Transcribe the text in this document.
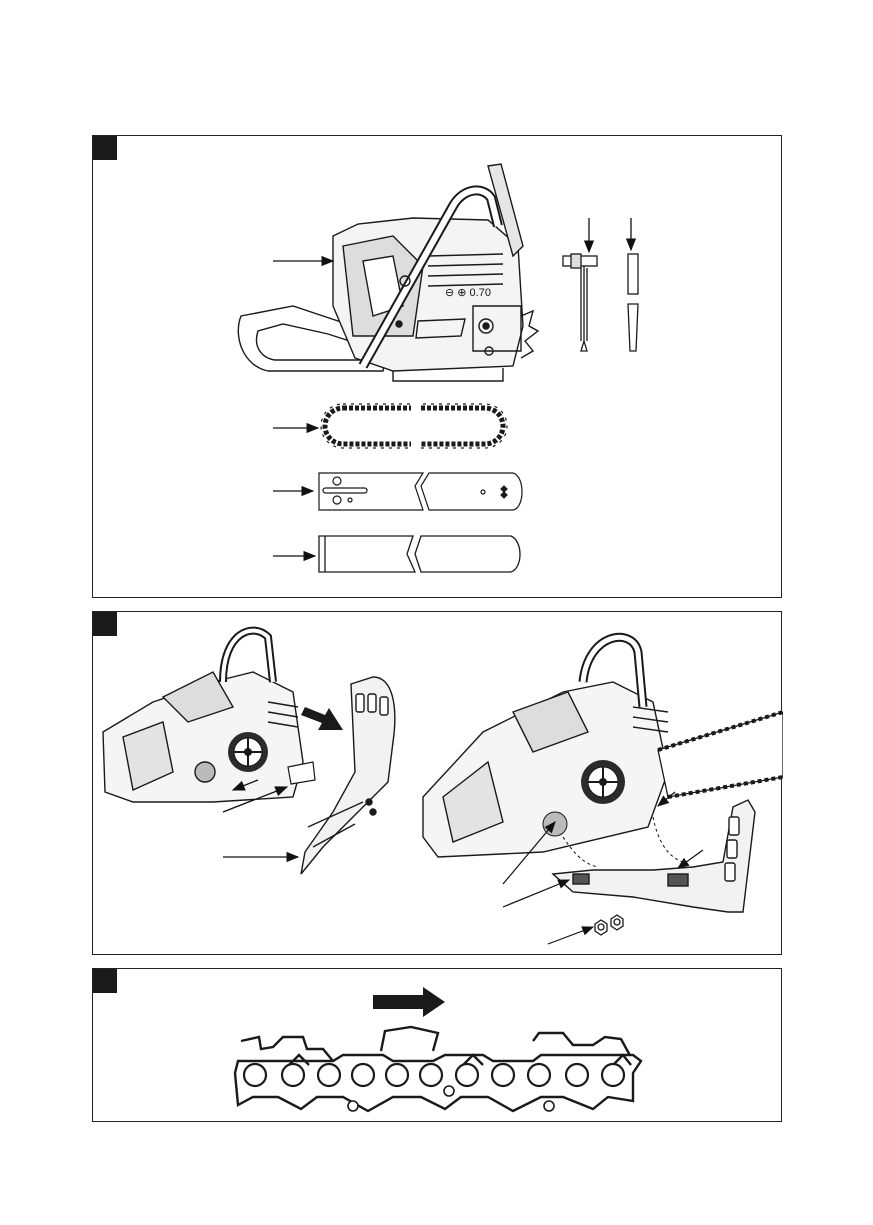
⊖ ⊕ 0.70
